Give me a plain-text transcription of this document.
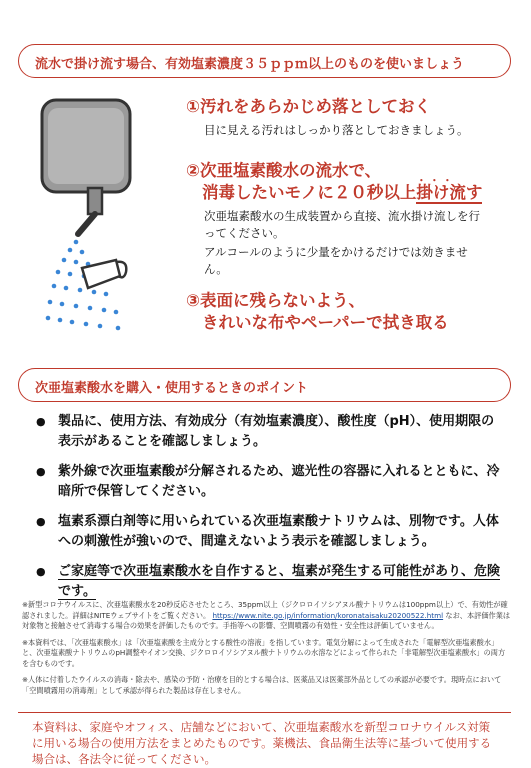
流水で掛け流す場合、有効塩素濃度３５ｐｐｍ以上のものを使いましょう
①汚れをあらかじめ落としておく
目に見える汚れはしっかり落としておきましょう。
②次亜塩素酸水の流水で、
消毒したいモノに２０秒以上・・・ 掛け流す
次亜塩素酸水の生成装置から直接、流水掛け流しを行ってください。
アルコールのように少量をかけるだけでは効きません。
③表面に残らないよう、
きれいな布やペーパーで拭き取る
次亜塩素酸水を購入・使用するときのポイント
● 製品に、使用方法、有効成分（有効塩素濃度）、酸性度（pH）、使用期限の表示があることを確認しましょう。
● 紫外線で次亜塩素酸が分解されるため、遮光性の容器に入れるとともに、冷暗所で保管してください。
● 塩素系漂白剤等に用いられている次亜塩素酸ナトリウムは、別物です。人体への刺激性が強いので、間違えないよう表示を確認しましょう。
● ご家庭等で次亜塩素酸水を自作すると、塩素が発生する可能性があり、危険です。
※新型コロナウイルスに、次亜塩素酸水を20秒反応させたところ、35ppm以上（ジクロロイソシアヌル酸ナトリウムは100ppm以上）で、有効性が確認されました。詳細はNITEウェブサイトをご覧ください。 https://www.nite.go.jp/information/koronataisaku20200522.html なお、本評価作業は対象物と接触させて消毒する場合の効果を評価したものです。手指等への影響、空間噴霧の有効性・安全性は評価していません。
※本資料では、「次亜塩素酸水」は「次亜塩素酸を主成分とする酸性の溶液」を指しています。電気分解によって生成された「電解型次亜塩素酸水」と、次亜塩素酸ナトリウムのpH調整やイオン交換、ジクロロイソシアヌル酸ナトリウムの水溶などによって作られた「非電解型次亜塩素酸水」の両方を含むものです。
※人体に付着したウイルスの消毒・除去や、感染の予防・治療を目的とする場合は、医薬品又は医薬部外品としての承認が必要です。現時点において「空間噴霧用の消毒剤」として承認が得られた製品は存在しません。
本資料は、家庭やオフィス、店舗などにおいて、次亜塩素酸水を新型コロナウイルス対策に用いる場合の使用方法をまとめたものです。薬機法、食品衛生法等に基づいて使用する場合は、各法令に従ってください。
